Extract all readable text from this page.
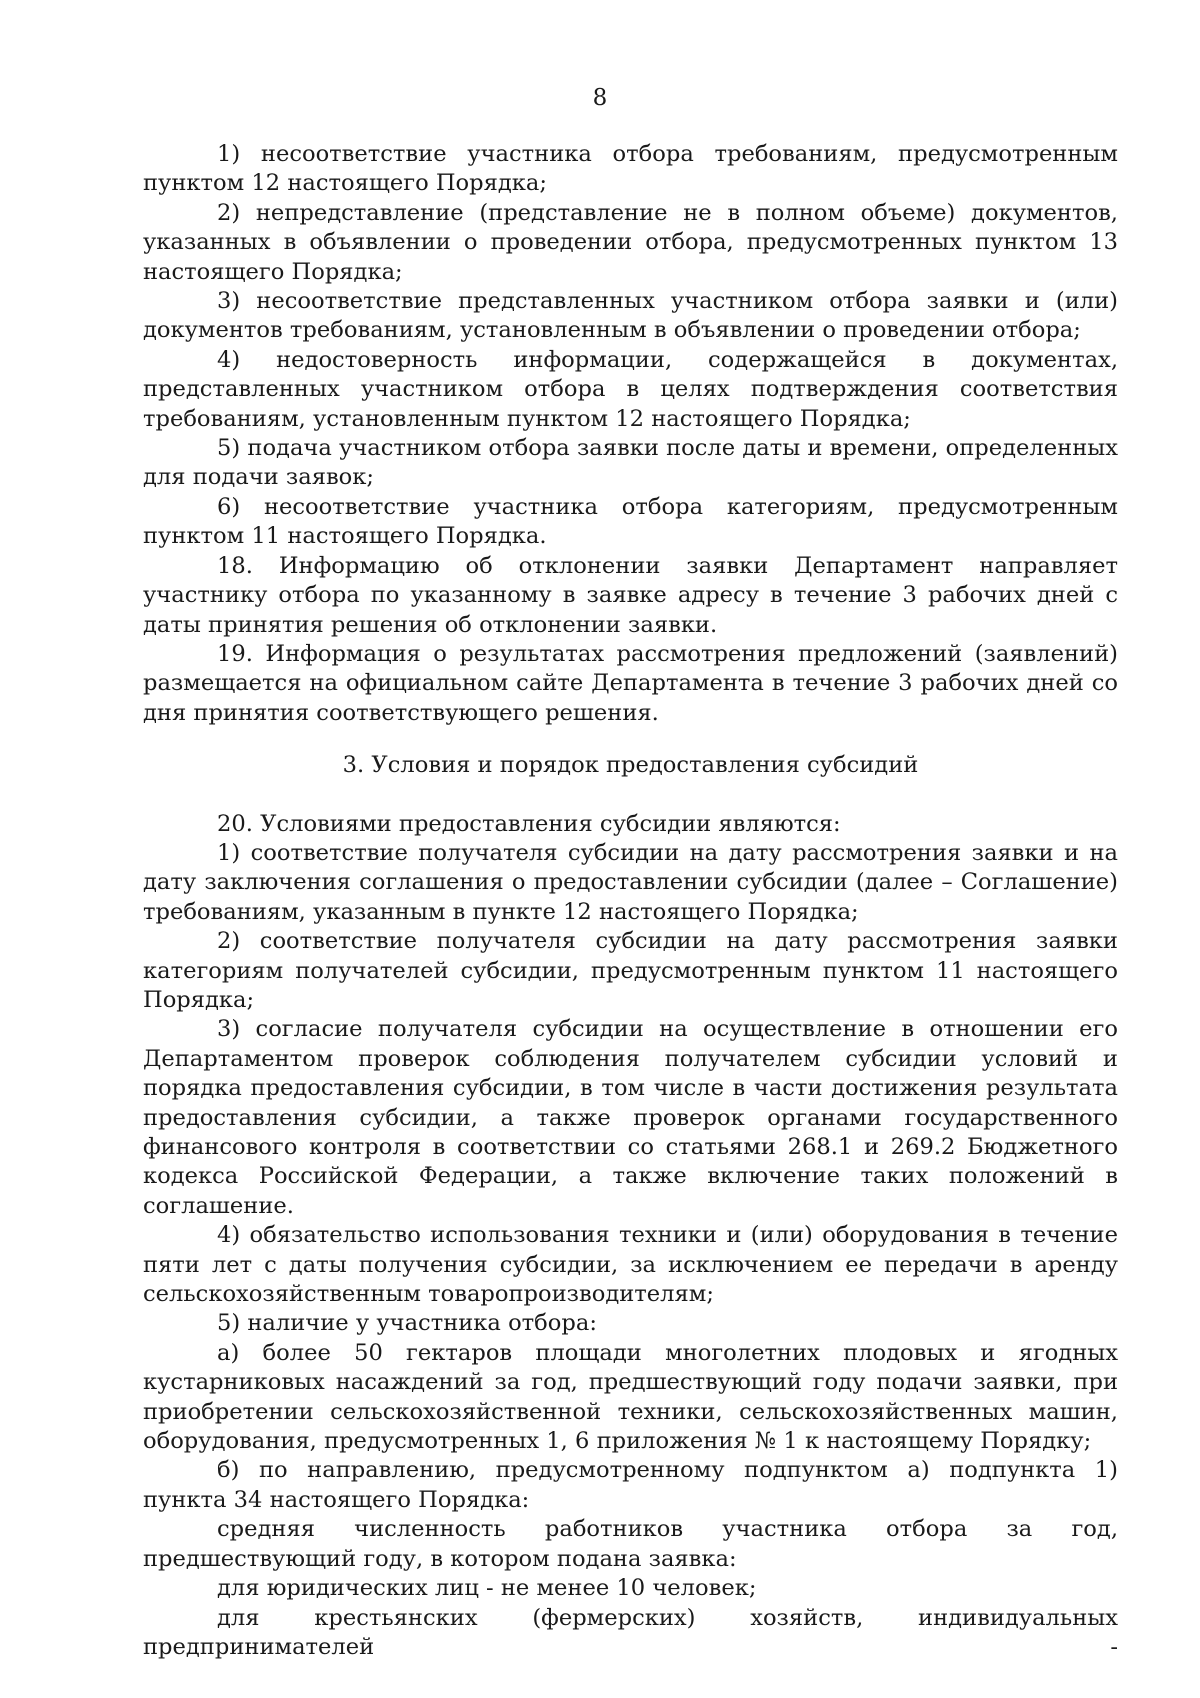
8

1) несоответствие участника отбора требованиям, предусмотренным пунктом 12 настоящего Порядка;

2) непредставление (представление не в полном объеме) документов, указанных в объявлении о проведении отбора, предусмотренных пунктом 13 настоящего Порядка;

3) несоответствие представленных участником отбора заявки и (или) документов требованиям, установленным в объявлении о проведении отбора;

4) недостоверность информации, содержащейся в документах, представленных участником отбора в целях подтверждения соответствия требованиям, установленным пунктом 12 настоящего Порядка;

5) подача участником отбора заявки после даты и времени, определенных для подачи заявок;

6) несоответствие участника отбора категориям, предусмотренным пунктом 11 настоящего Порядка.

18. Информацию об отклонении заявки Департамент направляет участнику отбора по указанному в заявке адресу в течение 3 рабочих дней с даты принятия решения об отклонении заявки.

19. Информация о результатах рассмотрения предложений (заявлений) размещается на официальном сайте Департамента в течение 3 рабочих дней со дня принятия соответствующего решения.

3. Условия и порядок предоставления субсидий

20. Условиями предоставления субсидии являются:

1) соответствие получателя субсидии на дату рассмотрения заявки и на дату заключения соглашения о предоставлении субсидии (далее – Соглашение) требованиям, указанным в пункте 12 настоящего Порядка;

2) соответствие получателя субсидии на дату рассмотрения заявки категориям получателей субсидии, предусмотренным пунктом 11 настоящего Порядка;

3) согласие получателя субсидии на осуществление в отношении его Департаментом проверок соблюдения получателем субсидии условий и порядка предоставления субсидии, в том числе в части достижения результата предоставления субсидии, а также проверок органами государственного финансового контроля в соответствии со статьями 268.1 и 269.2 Бюджетного кодекса Российской Федерации, а также включение таких положений в соглашение.

4) обязательство использования техники и (или) оборудования в течение пяти лет с даты получения субсидии, за исключением ее передачи в аренду сельскохозяйственным товаропроизводителям;

5) наличие у участника отбора:

а) более 50 гектаров площади многолетних плодовых и ягодных кустарниковых насаждений за год, предшествующий году подачи заявки, при приобретении сельскохозяйственной техники, сельскохозяйственных машин, оборудования, предусмотренных 1, 6 приложения № 1 к настоящему Порядку;

б) по направлению, предусмотренному подпунктом а) подпункта 1) пункта 34 настоящего Порядка:

средняя численность работников участника отбора за год, предшествующий году, в котором подана заявка:

для юридических лиц - не менее 10 человек;

для крестьянских (фермерских) хозяйств, индивидуальных предпринимателей -
